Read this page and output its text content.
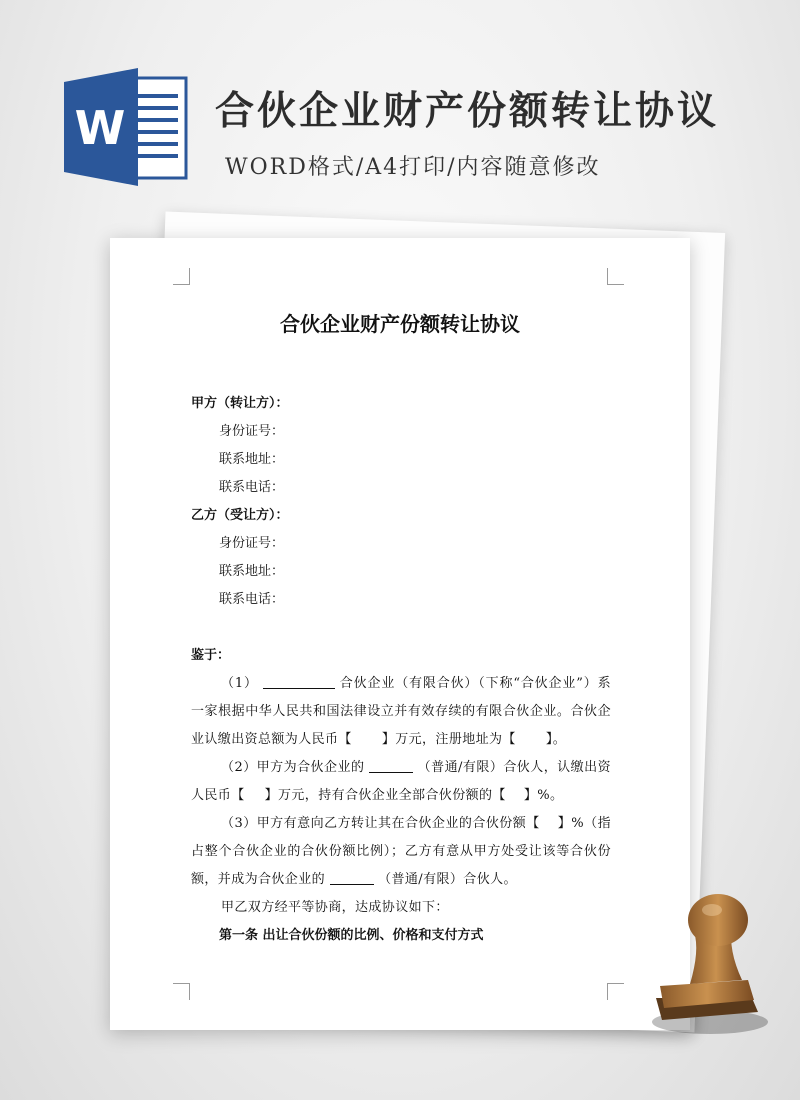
W 合伙企业财产份额转让协议
WORD格式/A4打印/内容随意修改
合伙企业财产份额转让协议
甲方（转让方）：
身份证号：
联系地址：
联系电话：
乙方（受让方）：
身份证号：
联系地址：
联系电话：
鉴于：
（1）	合伙企业（有限合伙）（下称“合伙企业”）系一家根据中华人民共和国法律设立并有效存续的有限合伙企业。合伙企业认缴出资总额为人民币【 】万元，注册地址为【 】。
（2）甲方为合伙企业的	（普通/有限）合伙人，认缴出资人民币【 】万元，持有合伙企业全部合伙份额的【 】%。
（3）甲方有意向乙方转让其在合伙企业的合伙份额【 】%（指占整个合伙企业的合伙份额比例）；乙方有意从甲方处受让该等合伙份额，并成为合伙企业的	（普通/有限）合伙人。
甲乙双方经平等协商，达成协议如下：
第一条 出让合伙份额的比例、价格和支付方式
